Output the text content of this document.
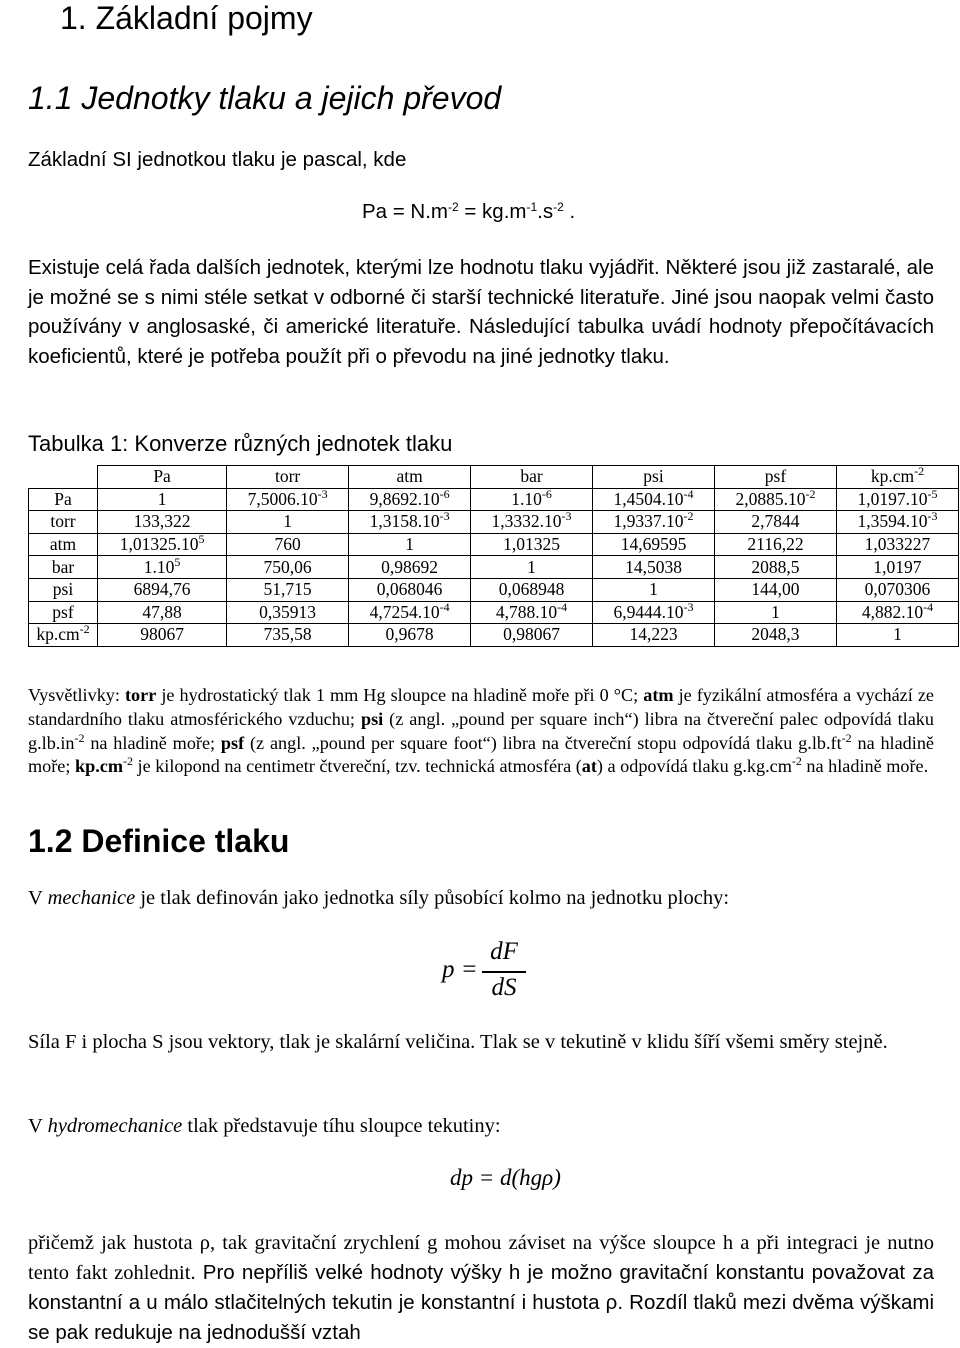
1. Základní pojmy
1.1 Jednotky tlaku a jejich převod

Základní SI jednotkou tlaku je pascal, kde

$Pa = N.m^{-2} = kg.m^{-1}.s^{-2}$ .

Existuje celá řada dalších jednotek, kterými lze hodnotu tlaku vyjádřit. Některé jsou již zastaralé, ale je možné se s nimi stéle setkat v odborné či starší technické literatuře. Jiné jsou naopak velmi často používány v anglosaské, či americké literatuře. Následující tabulka uvádí hodnoty přepočítávacích koeficientů, které je potřeba použít při o převodu na jiné jednotky tlaku.

Tabulka 1: Konverze různých jednotek tlaku
	Pa	torr	atm	bar	psi	psf	$kp.cm^{-2}$
Pa	1	$7,5006.10^{-3}$	$9,8692.10^{-6}$	$1.10^{-6}$	$1,4504.10^{-4}$	$2,0885.10^{-2}$	$1,0197.10^{-5}$
torr	133,322	1	$1,3158.10^{-3}$	$1,3332.10^{-3}$	$1,9337.10^{-2}$	2,7844	$1,3594.10^{-3}$
atm	1,01325.10$^5$	760	1	1,01325	14,69595	2116,22	1,033227
bar	1.10$^5$	750,06	0,98692	1	14,5038	2088,5	1,0197
psi	6894,76	51,715	0,068046	0,068948	1	144,00	0,070306
psf	47,88	0,35913	$4,7254.10^{-4}$	$4,788.10^{-4}$	$6,9444.10^{-3}$	1	$4,882.10^{-4}$
$kp.cm^{-2}$	98067	735,58	0,9678	0,98067	14,223	2048,3	1

Vysvětlivky: torr je hydrostatický tlak 1 mm Hg sloupce na hladině moře při 0 °C; atm je fyzikální atmosféra a vychází ze standardního tlaku atmosférického vzduchu; psi (z angl. „pound per square inch“) libra na čtvereční palec odpovídá tlaku $g.lb.in^{-2}$ na hladině moře; psf (z angl. „pound per square foot“) libra na čtvereční stopu odpovídá tlaku $g.lb.ft^{-2}$ na hladině moře; $kp.cm^{-2}$ je kilopond na centimetr čtvereční, tzv. technická atmosféra (at) a odpovídá tlaku $g.kg.cm^{-2}$ na hladině moře.

1.2 Definice tlaku

V mechanice je tlak definován jako jednotka síly působící kolmo na jednotku plochy:

p =
dF
dS

Síla F i plocha S jsou vektory, tlak je skalární veličina. Tlak se v tekutině v klidu šíří všemi směry stejně.

V hydromechanice tlak představuje tíhu sloupce tekutiny:

dp = d(hgρ)

přičemž jak hustota ρ, tak gravitační zrychlení g mohou záviset na výšce sloupce h a při integraci je nutno tento fakt zohlednit. Pro nepříliš velké hodnoty výšky h je možno gravitační konstantu považovat za konstantní a u málo stlačitelných tekutin je konstantní i hustota ρ. Rozdíl tlaků mezi dvěma výškami se pak redukuje na jednodušší vztah
